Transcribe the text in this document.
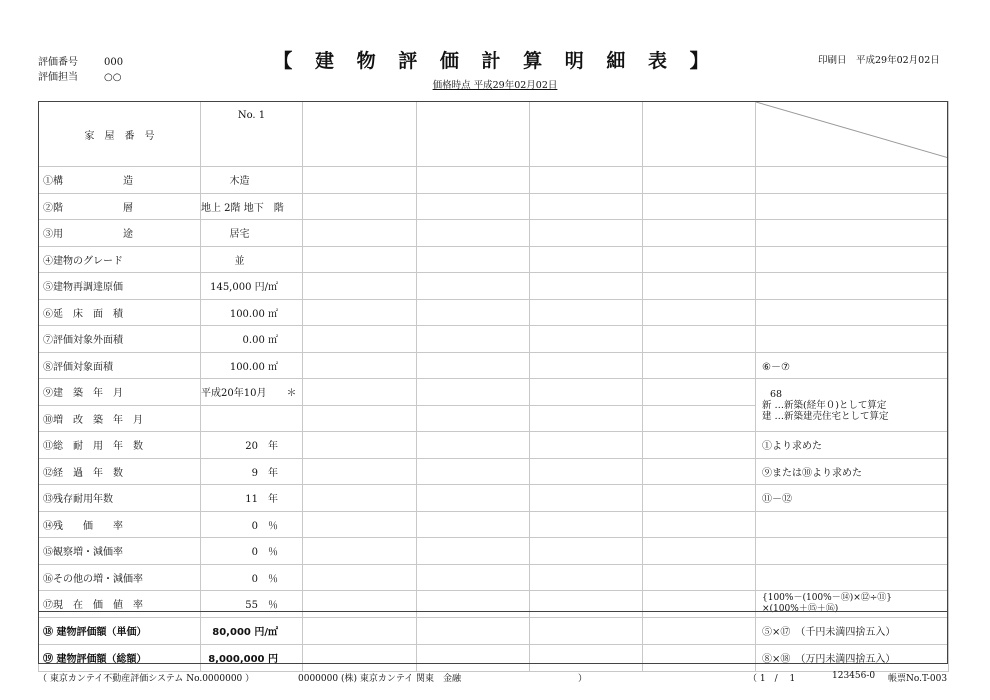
評価番号	000
評価担当	○○
【 建 物 評 価 計 算 明 細 表 】
価格時点 平成29年02月02日
印刷日　平成29年02月02日
家　屋　番　号	No. 1					

①構　　　　　　造	木造					
②階　　　　　　層	地上 2階 地下　階					
③用　　　　　　途	居宅					
④建物のグレード	並					
⑤建物再調達原価	145,000 円/㎡					
⑥延　床　面　積	100.00 ㎡					
⑦評価対象外面積	0.00 ㎡					
⑧評価対象面積	100.00 ㎡					⑥－⑦
⑨建　築　年　月	平成20年10月　　＊					68
新 …新築(経年０)として算定
建 …新築建売住宅として算定

⑩増　改　築　年　月						
⑪総　耐　用　年　数	20　年					①より求めた
⑫経　過　年　数	9　年					⑨または⑩より求めた
⑬残存耐用年数	11　年					⑪－⑫
⑭残　　価　　率	0　％					
⑮観察増・減価率	0　％					
⑯その他の増・減価率	0　％					
⑰現　在　価　値　率	55　％					{100%－(100%－⑭)×⑫÷⑪}
×(100%＋⑮＋⑯)

⑱ 建物評価額（単価）	80,000 円/㎡					⑤×⑰　（千円未満四捨五入）
⑲ 建物評価額（総額）	8,000,000 円					⑧×⑱　（万円未満四捨五入）
（ 東京カンテイ不動産評価システム No.0000000 ）	0000000 (株) 東京カンテイ 関東　金融	）	（ 1　/　 1	123456-0 帳票No.T-003
